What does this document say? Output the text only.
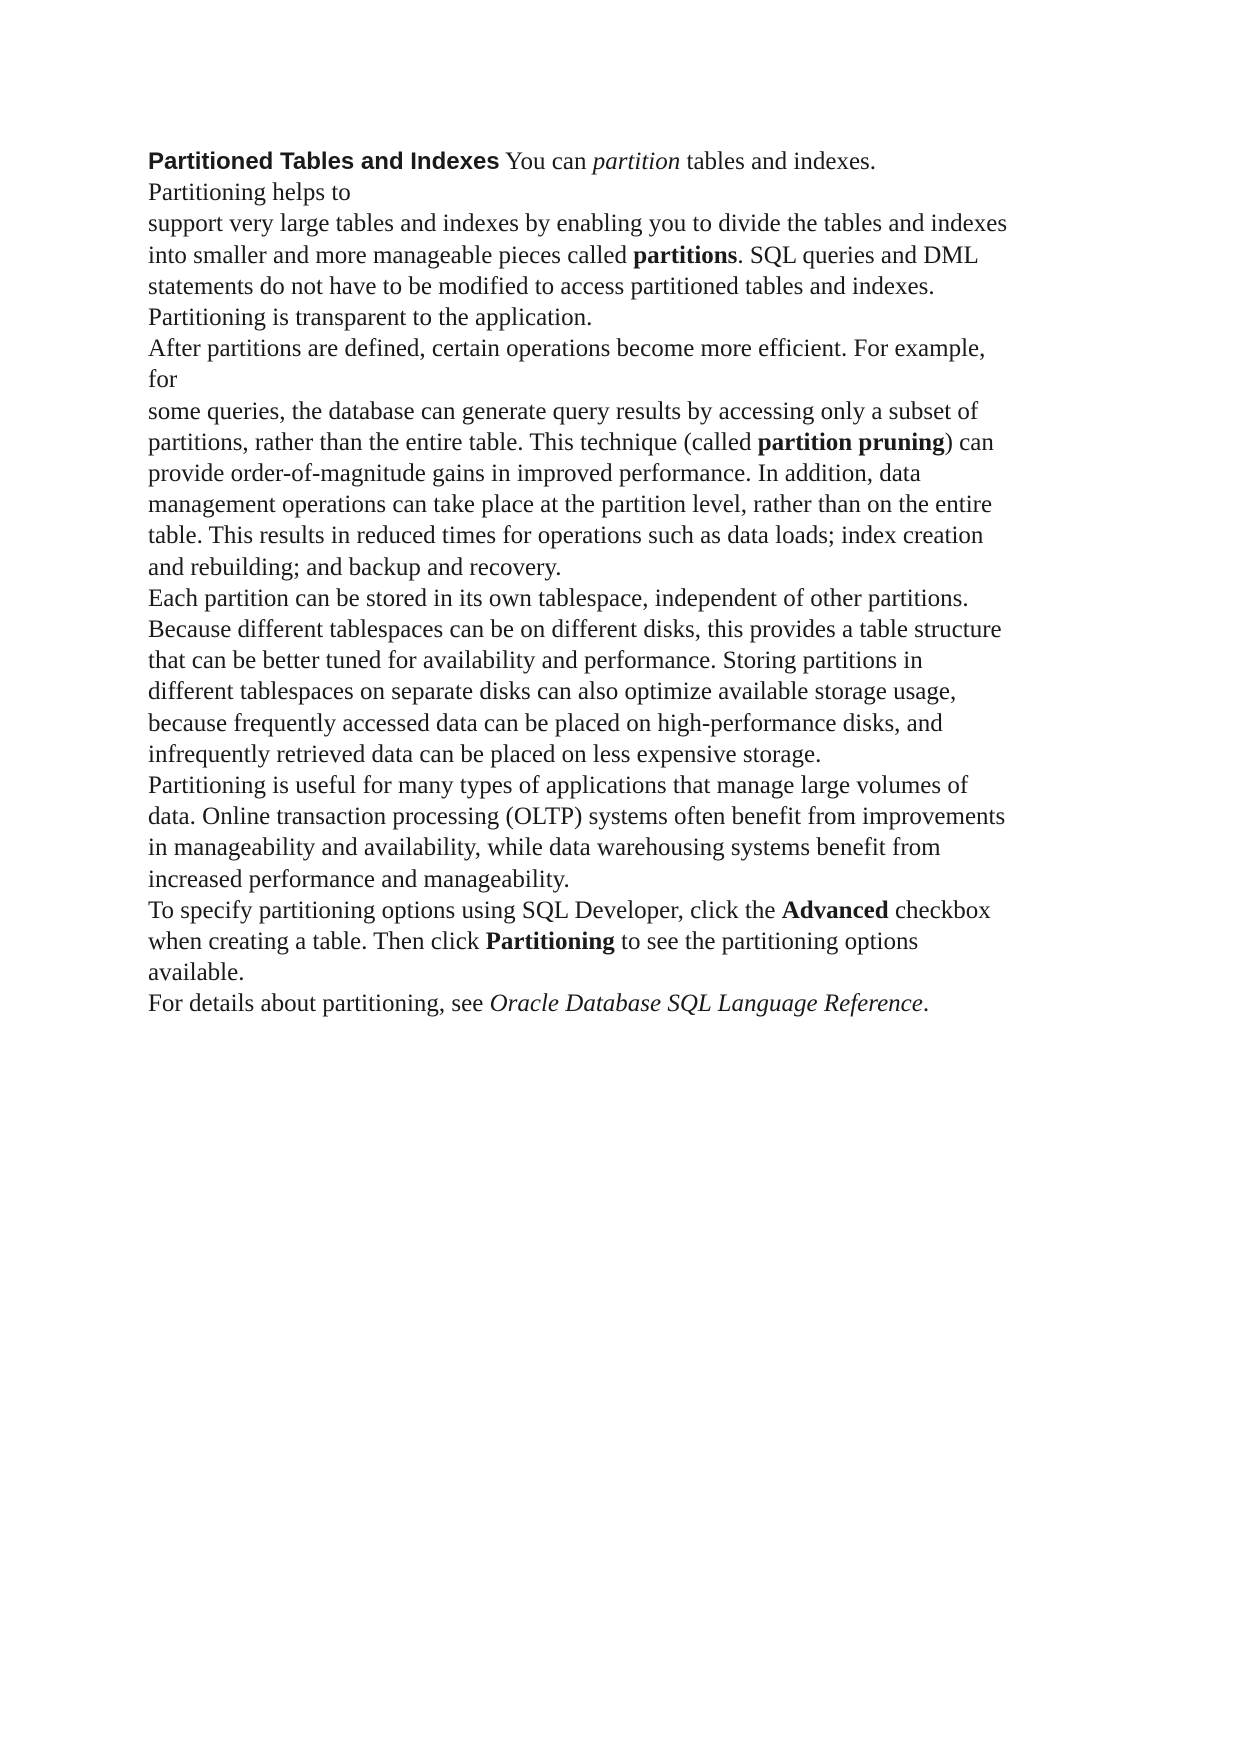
Partitioned Tables and Indexes You can partition tables and indexes.
Partitioning helps to
support very large tables and indexes by enabling you to divide the tables and indexes
into smaller and more manageable pieces called partitions. SQL queries and DML
statements do not have to be modified to access partitioned tables and indexes.
Partitioning is transparent to the application.
After partitions are defined, certain operations become more efficient. For example,
for
some queries, the database can generate query results by accessing only a subset of
partitions, rather than the entire table. This technique (called partition pruning) can
provide order-of-magnitude gains in improved performance. In addition, data
management operations can take place at the partition level, rather than on the entire
table. This results in reduced times for operations such as data loads; index creation
and rebuilding; and backup and recovery.
Each partition can be stored in its own tablespace, independent of other partitions.
Because different tablespaces can be on different disks, this provides a table structure
that can be better tuned for availability and performance. Storing partitions in
different tablespaces on separate disks can also optimize available storage usage,
because frequently accessed data can be placed on high-performance disks, and
infrequently retrieved data can be placed on less expensive storage.
Partitioning is useful for many types of applications that manage large volumes of
data. Online transaction processing (OLTP) systems often benefit from improvements
in manageability and availability, while data warehousing systems benefit from
increased performance and manageability.
To specify partitioning options using SQL Developer, click the Advanced checkbox
when creating a table. Then click Partitioning to see the partitioning options
available.
For details about partitioning, see Oracle Database SQL Language Reference.
